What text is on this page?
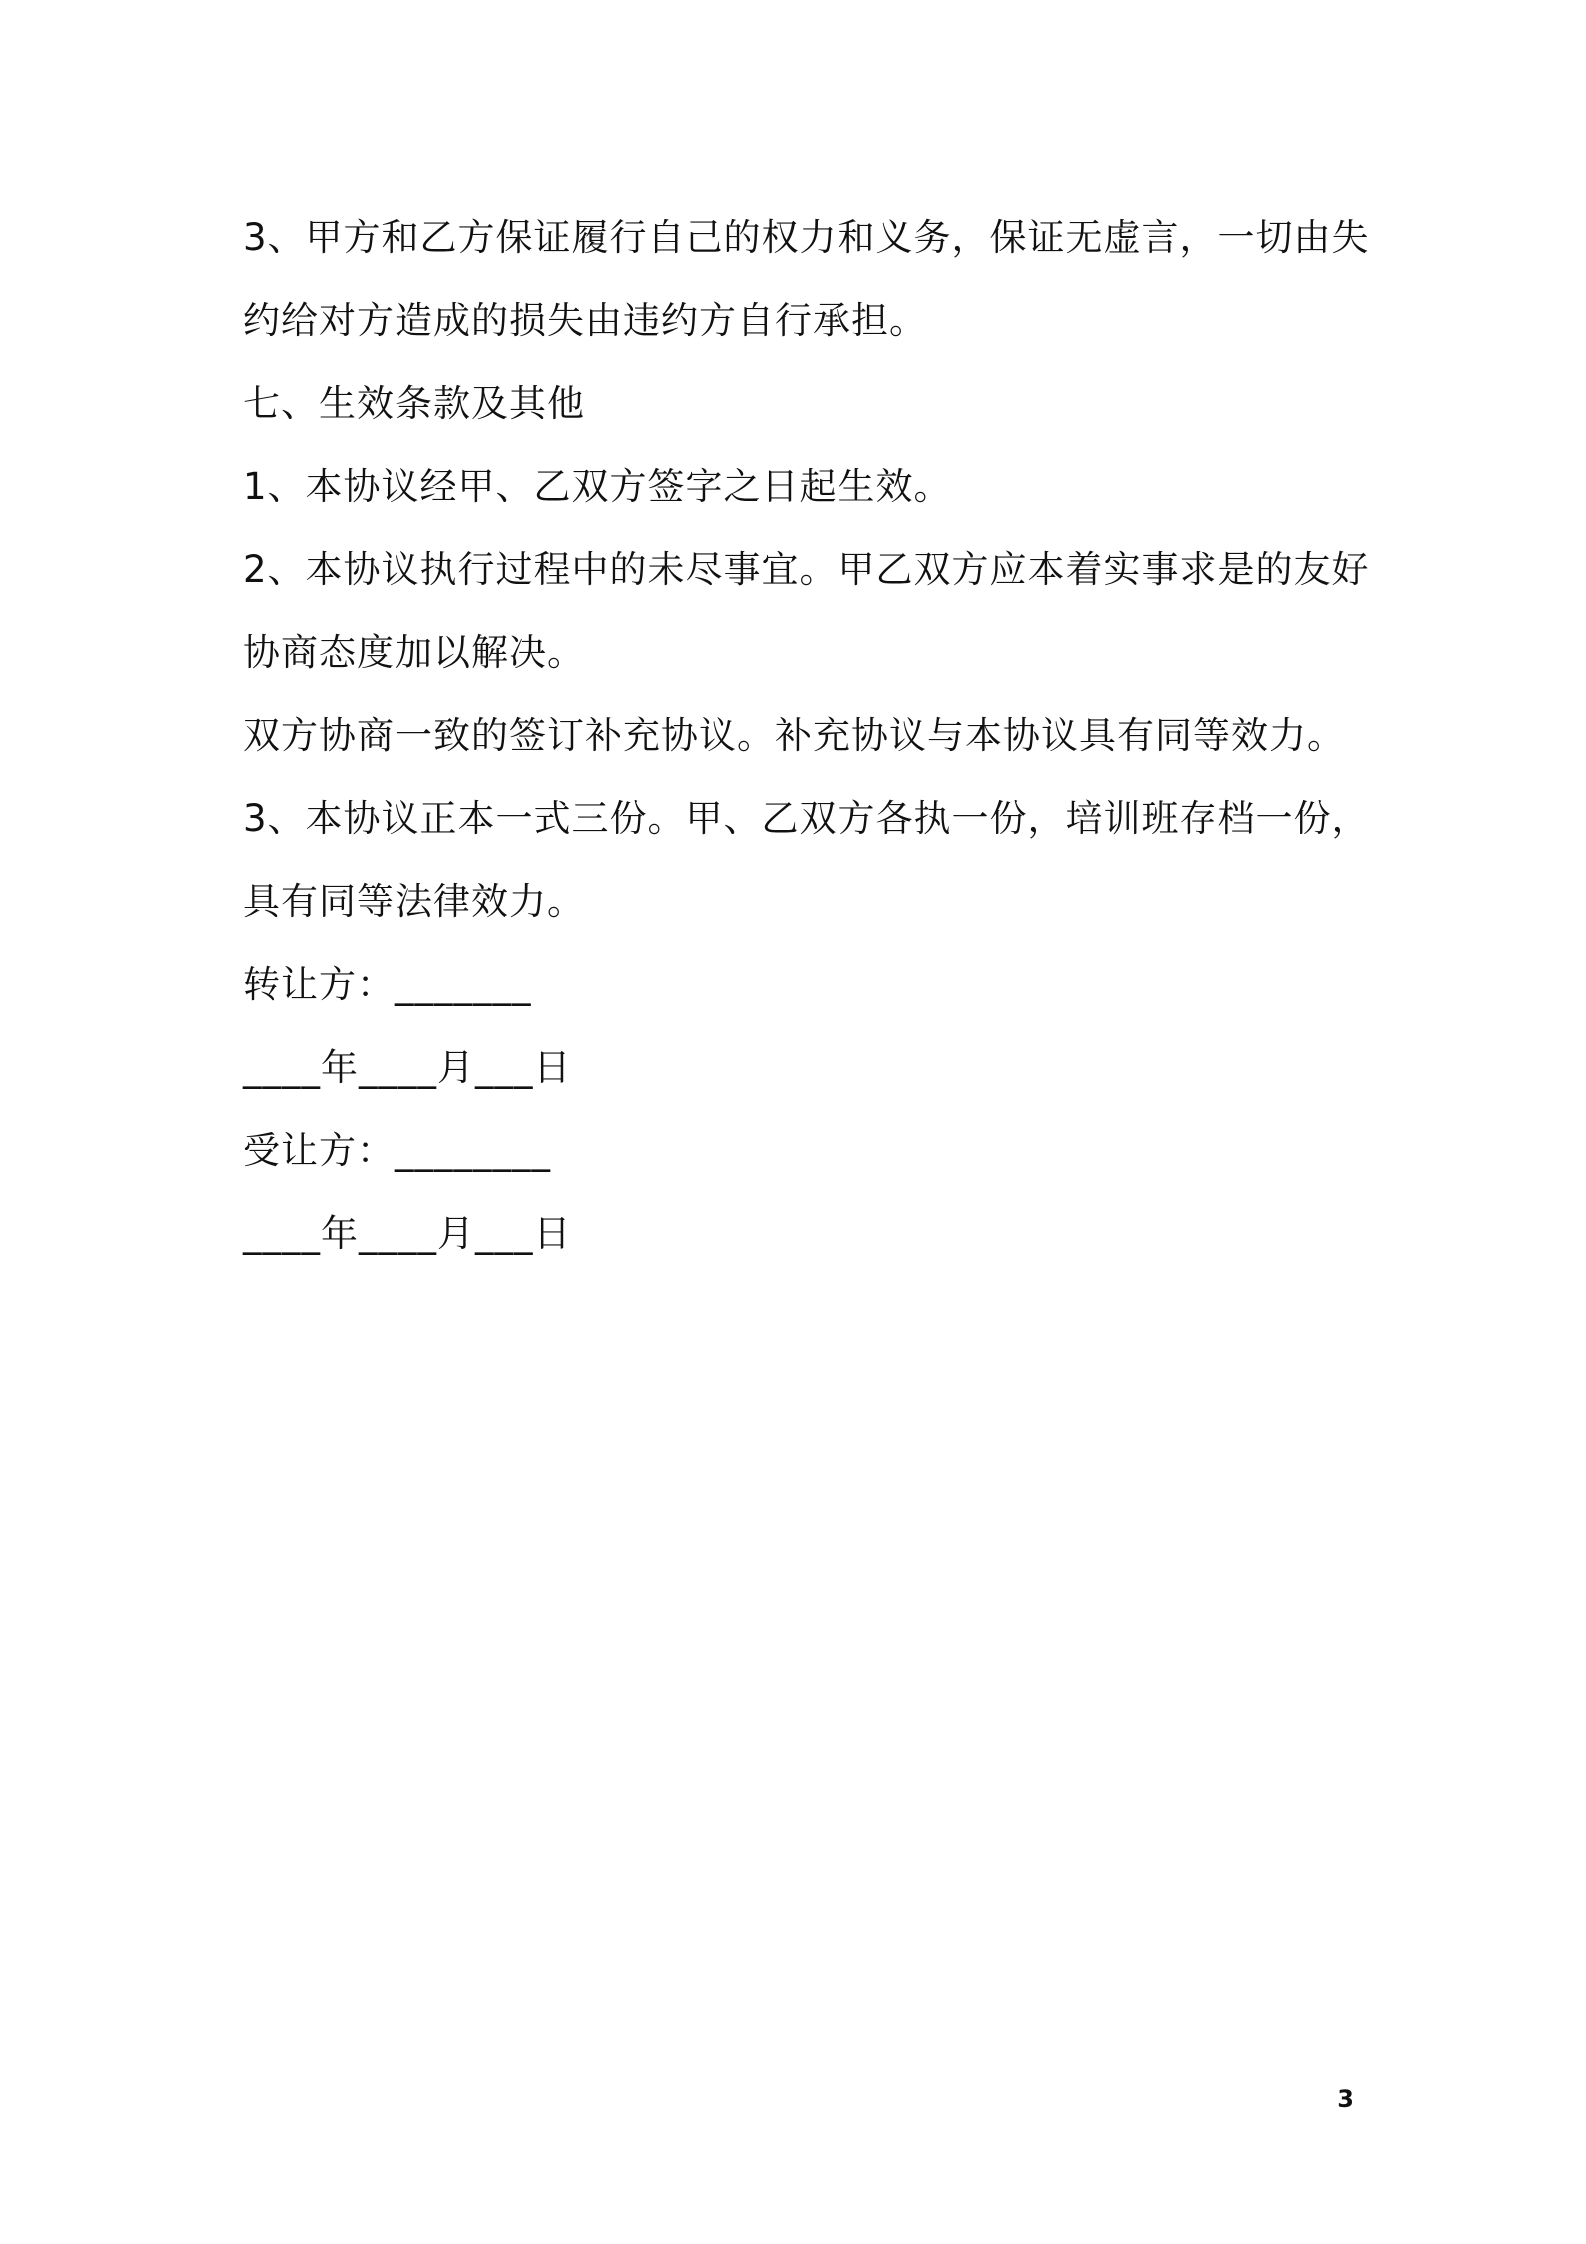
3、甲方和乙方保证履行自己的权力和义务，保证无虚言，一切由失
约给对方造成的损失由违约方自行承担。
七、生效条款及其他
1、本协议经甲、乙双方签字之日起生效。
2、本协议执行过程中的未尽事宜。甲乙双方应本着实事求是的友好
协商态度加以解决。
双方协商一致的签订补充协议。补充协议与本协议具有同等效力。
3、本协议正本一式三份。甲、乙双方各执一份，培训班存档一份，
具有同等法律效力。
转让方：_______
____年____月___日
受让方：________
____年____月___日
3
